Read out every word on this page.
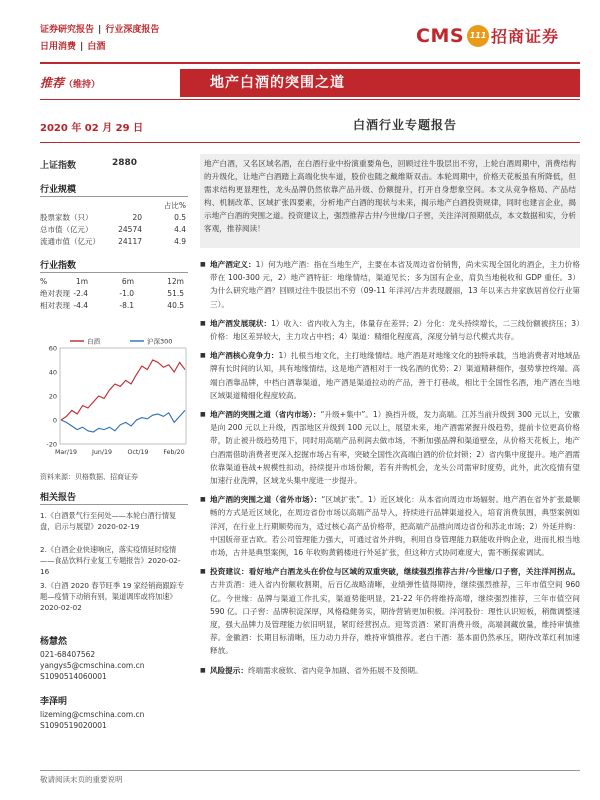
证券研究报告 | 行业深度报告
日用消费 | 白酒
CMS 111 招商证券
推荐（维持）	地产白酒的突围之道
2020 年 02 月 29 日	白酒行业专题报告
上证指数	2880
行业规模
占比%
股票家数（只）	20	0.5
总市值（亿元）	24574	4.4
流通市值（亿元） 24117	4.9
行业指数
%	1m	6m	12m
绝对表现 -2.4	-1.0	51.5
相对表现 -4.4	-8.1	40.5
60
40
20
0
-20
Mar/19 Jun/19 Oct/19 Feb/20
白酒	沪深300
资料来源：贝格数据、招商证券
相关报告
1.《白酒景气行至何处——本轮白酒行情复盘，启示与展望》2020-02-19
2.《白酒企业快速响应，落实疫情延时疫情——食品饮料行业复工专题报告》2020-02-16
3.《白酒 2020 春节旺季 19 家经销商跟踪专题—疫情下动销有别，渠道调库或将加速》2020-02-02
杨慧然
021-68407562
yangys5@cmschina.com.cn
S1090514060001
李泽明
lizeming@cmschina.com.cn
S1090519020001
地产白酒，又名区域名酒，在白酒行业中扮演重要角色，回顾过往牛股层出不穷，上轮白酒周期中，消费结构的升级化，让地产白酒踏上高端化快车道，股价也随之戴维斯双击。本轮周期中，价格天花板虽有所降低，但需求结构更显理性，龙头品牌仍然依靠产品升级、份额提升，打开自身想象空间。本文从竞争格局、产品结构、机制改革、区域扩张四要素，分析地产白酒的现状与未来，揭示地产白酒投资规律，同时也建言企业，揭示地产白酒的突围之道。投资建议上，强烈推荐古井/今世缘/口子窖，关注洋河预期低点，本文数据和实，分析客观，推荐阅读！
■ 地产酒定义：1）何为地产酒：指在当地生产，主要在本省及周边省份销售，尚未实现全国化的酒企，主力价格带在 100-300 元，2）地产酒特征：地缘情结，渠道见长；多为国有企业，肩负当地税收和 GDP 重任。3）为什么研究地产酒？回顾过往牛股层出不穷（09-11 年洋河/古井表现靓丽，13 年以来古井家族居首位行业第三）。
■ 地产酒发展现状：1）收入：省内收入为主，体量存在差异；2）分化：龙头持续增长，二三线份额被挤压；3）价格：地区差异较大，主力攻占中档；4）渠道：精细化程度高，深度分销与总代模式共存。
■ 地产酒核心竞争力：1）扎根当地文化，主打地缘情结。地产酒是对地缘文化的独特承载，当地消费者对地域品牌有长时间的认知，具有地缘情结，这是地产酒相对于一线名酒的优势；2）渠道精耕细作，强势掌控终端。高端白酒靠品牌，中档白酒靠渠道，地产酒是渠道拉动的产品，善于打巷战，相比于全国性名酒，地产酒在当地区域渠道精细化程度较高。
■ 地产酒的突围之道（省内市场）：“升级+集中”。1）换挡升级，发力高端。江苏当前升级到 300 元以上，安徽是向 200 元以上升级，西部地区升级到 100 元以上，展望未来，地产酒需紧握升级趋势，提前卡位更高价格带，防止被升级趋势甩下，同时用高端产品利润去做市场，不断加强品牌和渠道壁垒，从价格天花板上，地产白酒需借助消费者更深入挖掘市场占有率，突破全国性次高端白酒的价位封锁；2）省内集中度提升。地产酒需依靠渠道巷战+规模性扣动，持续提升市场份额，若有并购机会，龙头公司需审时度势，此外，此次疫情有望加速行业洗牌，区域龙头集中度进一步提升。
■ 地产酒的突围之道（省外市场）：“区域扩张”。1）近区域化：从本省向周边市场辐射。地产酒在省外扩张最顺畅的方式是近区域化，在周边省份市场以高端产品导入，持续进行品牌渠道投入，培育消费氛围，典型案例如洋河，在行业上行期顺势而为，适过核心高产品价格带，把高端产品推向周边省份和苏北市场；2）外延并购：中国版帝亚吉欧。若公司管理能力强大，可通过省外并购，利用自身管理能力联能收并购企业，进而扎根当地市场，古井是典型案例，16 年收购黄鹤楼进行外延扩张，但这种方式协同难度大，需不断探索调试。
■ 投资建议：看好地产白酒龙头在价位与区域的双重突破，继续强烈推荐古井/今世缘/口子窖，关注洋河拐点。古井贡酒：进入省内份额收割期，后百亿战略清晰，业绩弹性值得期待，继续强烈推荐，三年市值空间 960 亿。今世缘：品牌与渠道工作扎实，渠道势能明显，21-22 年仍将维持高增，继续强烈推荐，三年市值空间 590 亿。口子窖：品牌积淀深厚，风格稳健务实，期待营销更加积极。洋河股份：理性认识短板，稍微调整速度，强大品牌力及管理能力依旧明显，紧盯经营拐点。迎驾贡酒：紧盯消费升级，高端洞藏放量，维持审慎推荐。金徽酒：长期目标清晰，压力动力并存，维持审慎推荐。老白干酒：基本面仍然承压，期待改革红利加速释放。
■ 风险提示：终端需求疲软、省内竞争加剧、省外拓展不及预期。
敬请阅读末页的重要说明
